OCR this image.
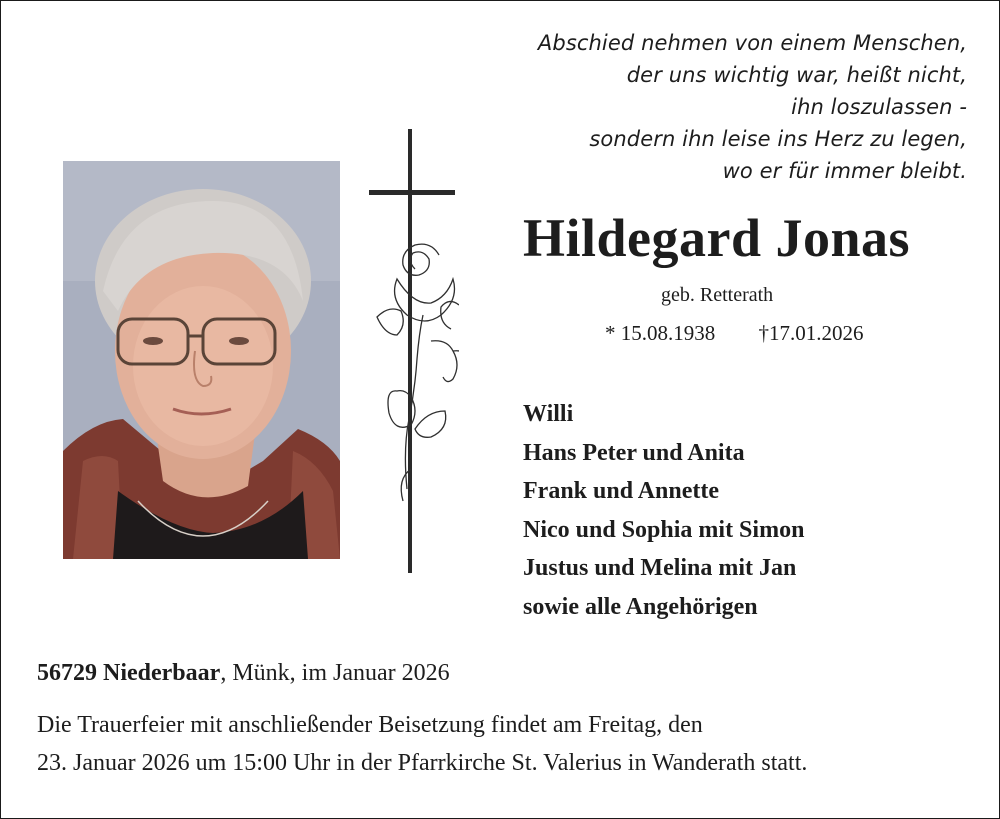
Abschied nehmen von einem Menschen,
der uns wichtig war, heißt nicht,
ihn loszulassen -
sondern ihn leise ins Herz zu legen,
wo er für immer bleibt.
Hildegard Jonas
geb. Retterath
* 15.08.1938 †17.01.2026
Willi
Hans Peter und Anita
Frank und Annette
Nico und Sophia mit Simon
Justus und Melina mit Jan
sowie alle Angehörigen
56729 Niederbaar, Münk, im Januar 2026
Die Trauerfeier mit anschließender Beisetzung findet am Freitag, den
23. Januar 2026 um 15:00 Uhr in der Pfarrkirche St. Valerius in Wanderath statt.
